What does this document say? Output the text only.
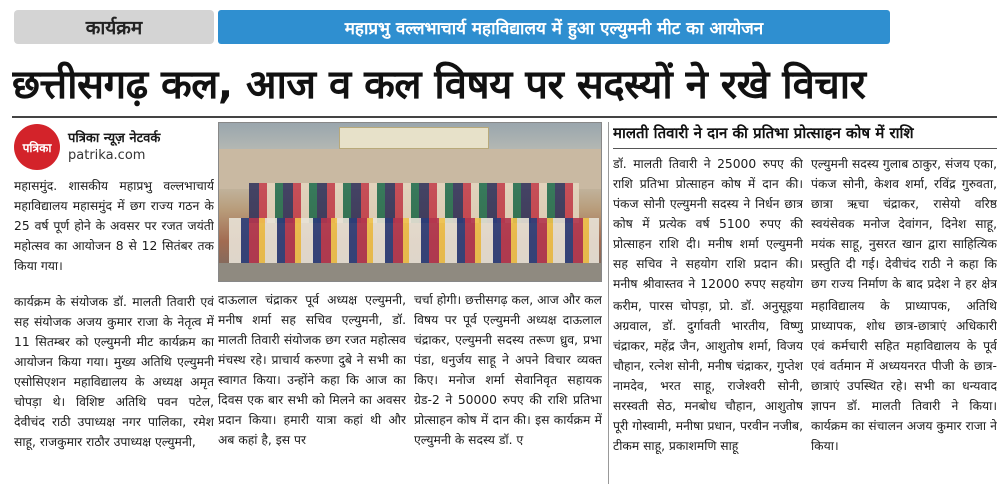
कार्यक्रम	महाप्रभु वल्लभाचार्य महाविद्यालय में हुआ एल्युमनी मीट का आयोजन
छत्तीसगढ़ कल, आज व कल विषय पर सदस्यों ने रखे विचार
पत्रिका
पत्रिका न्यूज़ नेटवर्क
patrika.com
महासमुंद. शासकीय महाप्रभु वल्लभाचार्य महाविद्यालय महासमुंद में छग राज्य गठन के 25 वर्ष पूर्ण होने के अवसर पर रजत जयंती महोत्सव का आयोजन 8 से 12 सितंबर तक किया गया।
कार्यक्रम के संयोजक डॉ. मालती तिवारी एवं सह संयोजक अजय कुमार राजा के नेतृत्व में 11 सितम्बर को एल्युमनी मीट कार्यक्रम का आयोजन किया गया। मुख्य अतिथि एल्युमनी एसोसिएशन महाविद्यालय के अध्यक्ष अमृत चोपड़ा थे। विशिष्ट अतिथि पवन पटेल, देवीचंद राठी उपाध्यक्ष नगर पालिका, रमेश साहू, राजकुमार राठौर उपाध्यक्ष एल्युमनी,
दाऊलाल चंद्राकर पूर्व अध्यक्ष एल्युमनी, मनीष शर्मा सह सचिव एल्युमनी, डॉ. मालती तिवारी संयोजक छग रजत महोत्सव मंचस्थ रहे। प्राचार्य करुणा दुबे ने सभी का स्वागत किया। उन्होंने कहा कि आज का दिवस एक बार सभी को मिलने का अवसर प्रदान किया। हमारी यात्रा कहां थी और अब कहां है, इस पर
चर्चा होगी। छत्तीसगढ़ कल, आज और कल विषय पर पूर्व एल्युमनी अध्यक्ष दाऊलाल चंद्राकर, एल्युमनी सदस्य तरूण ध्रुव, प्रभा पंडा, धनुर्जय साहू ने अपने विचार व्यक्त किए। मनोज शर्मा सेवानिवृत सहायक ग्रेड-2 ने 50000 रुपए की राशि प्रतिभा प्रोत्साहन कोष में दान की। इस कार्यक्रम में एल्युमनी के सदस्य डॉ. ए
मालती तिवारी ने दान की प्रतिभा प्रोत्साहन कोष में राशि
डॉ. मालती तिवारी ने 25000 रुपए की राशि प्रतिभा प्रोत्साहन कोष में दान की। पंकज सोनी एल्युमनी सदस्य ने निर्धन छात्र कोष में प्रत्येक वर्ष 5100 रुपए की प्रोत्साहन राशि दी। मनीष शर्मा एल्युमनी सह सचिव ने सहयोग राशि प्रदान की। मनीष श्रीवास्तव ने 12000 रुपए सहयोग
करीम, पारस चोपड़ा, प्रो. डॉ. अनुसूइया अग्रवाल, डॉ. दुर्गावती भारतीय, विष्णु चंद्राकर, महेंद्र जैन, आशुतोष शर्मा, विजय चौहान, रत्नेश सोनी, मनीष चंद्राकर, गुप्तेश नामदेव, भरत साहू, राजेश्वरी सोनी, सरस्वती सेठ, मनबोध चौहान, आशुतोष पूरी गोस्वामी, मनीषा प्रधान, परवीन नजीब, टीकम साहू, प्रकाशमणि साहू
एल्युमनी सदस्य गुलाब ठाकुर, संजय एका, पंकज सोनी, केशव शर्मा, रविंद्र गुरुवता, छात्रा ऋचा चंद्राकर, रासेयो वरिष्ठ स्वयंसेवक मनोज देवांगन, दिनेश साहू, मयंक साहू, नुसरत खान द्वारा साहित्यिक प्रस्तुति दी गई। देवीचंद राठी ने कहा कि छग राज्य निर्माण के बाद प्रदेश ने हर क्षेत्र
महाविद्यालय के प्राध्यापक, अतिथि प्राध्यापक, शोध छात्र-छात्राएं अधिकारी एवं कर्मचारी सहित महाविद्यालय के पूर्व एवं वर्तमान में अध्ययनरत पीजी के छात्र-छात्राएं उपस्थित रहे। सभी का धन्यवाद ज्ञापन डॉ. मालती तिवारी ने किया। कार्यक्रम का संचालन अजय कुमार राजा ने किया।
